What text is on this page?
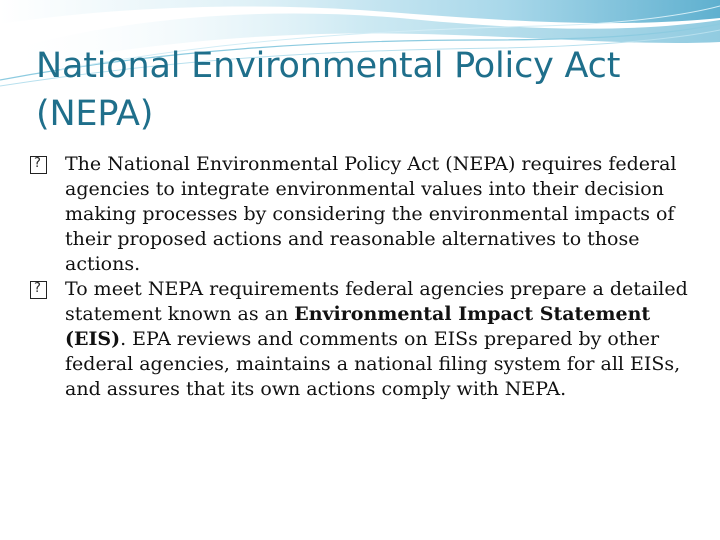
National Environmental Policy Act
(NEPA)
?
The National Environmental Policy Act (NEPA) requires federal agencies to integrate environmental values into their decision making processes by considering the environmental impacts of their proposed actions and reasonable alternatives to those actions.
?
To meet NEPA requirements federal agencies prepare a detailed statement known as an Environmental Impact Statement (EIS). EPA reviews and comments on EISs prepared by other federal agencies, maintains a national filing system for all EISs, and assures that its own actions comply with NEPA.
